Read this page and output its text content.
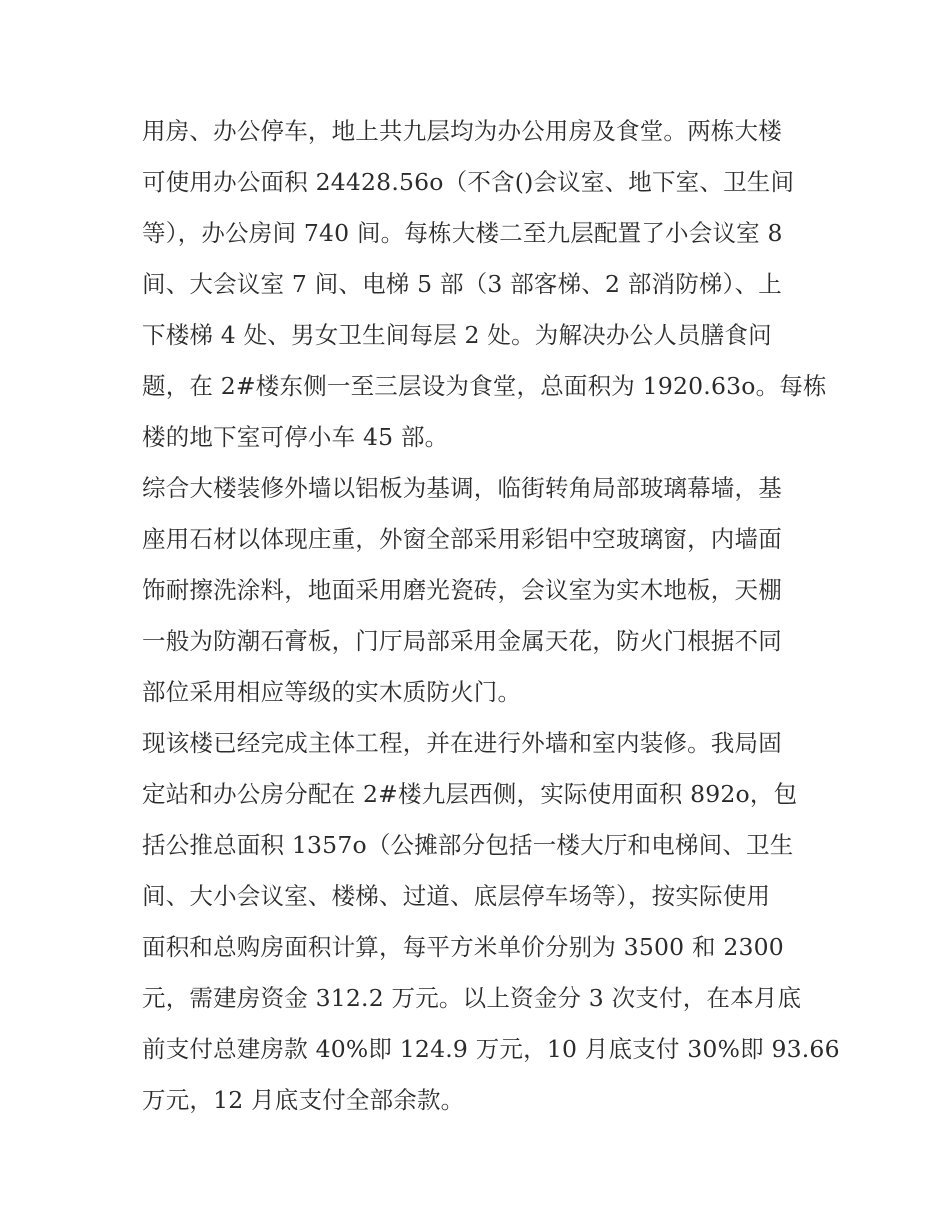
用房、办公停车，地上共九层均为办公用房及食堂。两栋大楼
可使用办公面积 24428.56o（不含()会议室、地下室、卫生间
等），办公房间 740 间。每栋大楼二至九层配置了小会议室 8
间、大会议室 7 间、电梯 5 部（3 部客梯、2 部消防梯）、上
下楼梯 4 处、男女卫生间每层 2 处。为解决办公人员膳食问
题，在 2#楼东侧一至三层设为食堂，总面积为 1920.63o。每栋
楼的地下室可停小车 45 部。
综合大楼装修外墙以铝板为基调，临街转角局部玻璃幕墙，基
座用石材以体现庄重，外窗全部采用彩铝中空玻璃窗，内墙面
饰耐擦洗涂料，地面采用磨光瓷砖，会议室为实木地板，天棚
一般为防潮石膏板，门厅局部采用金属天花，防火门根据不同
部位采用相应等级的实木质防火门。
现该楼已经完成主体工程，并在进行外墙和室内装修。我局固
定站和办公房分配在 2#楼九层西侧，实际使用面积 892o，包
括公推总面积 1357o（公摊部分包括一楼大厅和电梯间、卫生
间、大小会议室、楼梯、过道、底层停车场等），按实际使用
面积和总购房面积计算，每平方米单价分别为 3500 和 2300
元，需建房资金 312.2 万元。以上资金分 3 次支付，在本月底
前支付总建房款 40%即 124.9 万元，10 月底支付 30%即 93.66
万元，12 月底支付全部余款。
